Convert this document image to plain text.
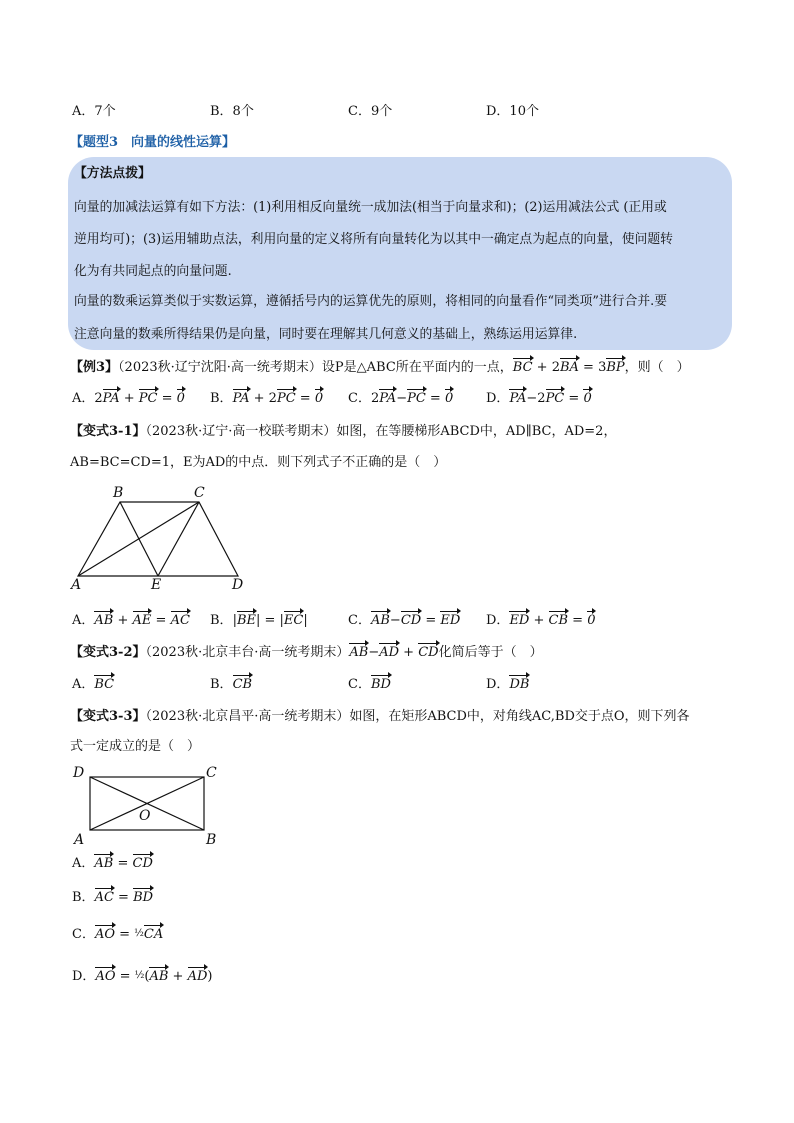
A．7个	B．8个	C．9个	D．10个
【题型3　向量的线性运算】
【方法点拨】
向量的加减法运算有如下方法：(1)利用相反向量统一成加法(相当于向量求和)；(2)运用减法公式 (正用或
逆用均可)；(3)运用辅助点法，利用向量的定义将所有向量转化为以其中一确定点为起点的向量，使问题转
化为有共同起点的向量问题.
向量的数乘运算类似于实数运算，遵循括号内的运算优先的原则，将相同的向量看作“同类项”进行合并.要
注意向量的数乘所得结果仍是向量，同时要在理解其几何意义的基础上，熟练运用运算律.
【例3】（2023秋·辽宁沈阳·高一统考期末）设P是△ABC所在平面内的一点，BC + 2BA = 3BP，则（　）
A．2PA + PC = 0 B．PA + 2PC = 0 C．2PA−PC = 0	D．PA−2PC = 0
【变式3-1】（2023秋·辽宁·高一校联考期末）如图，在等腰梯形ABCD中，AD∥BC，AD=2，
AB=BC=CD=1，E为AD的中点．则下列式子不正确的是（　）
B	C
A	E	D
A．AB + AE = AC B．|BE| = |EC|	C．AB−CD = ED D．ED + CB = 0
【变式3-2】（2023秋·北京丰台·高一统考期末）AB−AD + CD化简后等于（　）
A．BC	B．CB	C．BD	D．DB
【变式3-3】（2023秋·北京昌平·高一统考期末）如图，在矩形ABCD中，对角线AC,BD交于点O，则下列各
式一定成立的是（　）
D	C
O
A	B
A．AB = CD
B．AC = BD
C．AO = ½CA
D．AO = ½(AB + AD)
